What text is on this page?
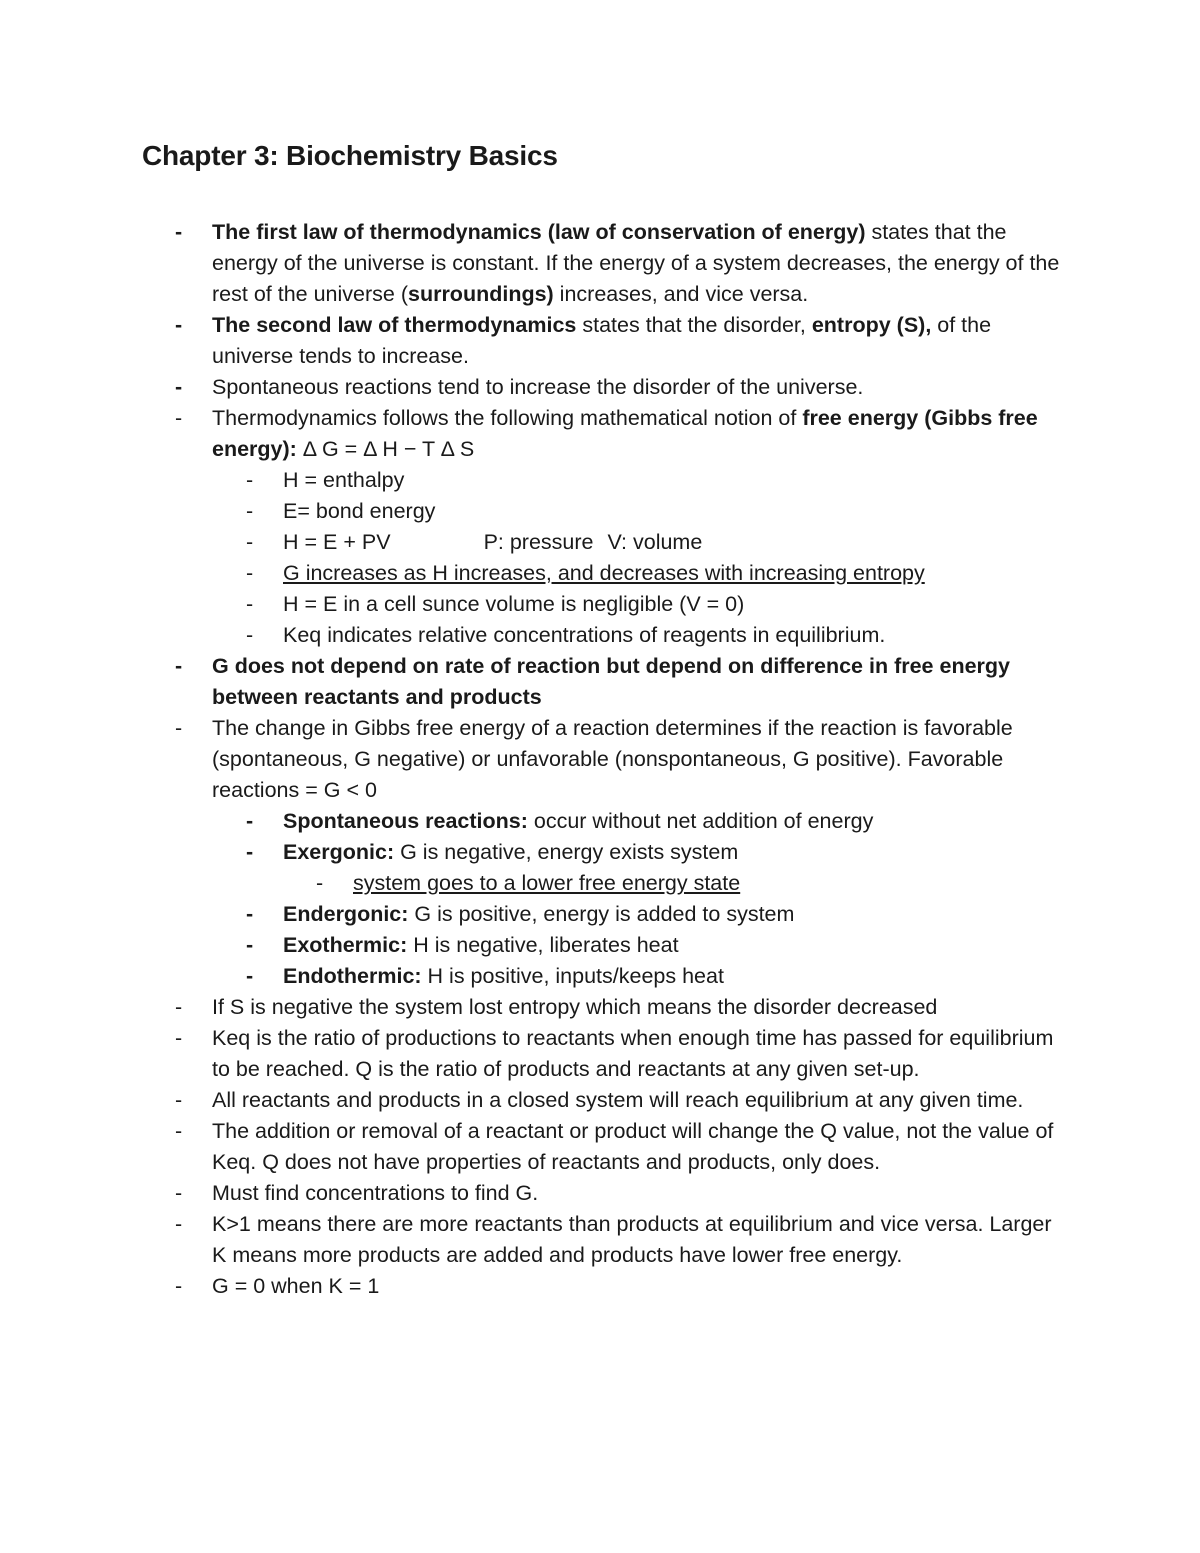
Chapter 3: Biochemistry Basics
-	The first law of thermodynamics (law of conservation of energy) states that the energy of the universe is constant. If the energy of a system decreases, the energy of the rest of the universe (surroundings) increases, and vice versa.
-	The second law of thermodynamics states that the disorder, entropy (S), of the universe tends to increase.
-	Spontaneous reactions tend to increase the disorder of the universe.
-	Thermodynamics follows the following mathematical notion of free energy (Gibbs free energy): Δ G = Δ H − T Δ S
-	H = enthalpy
-	E= bond energy
-	H = E + PV	P: pressure V: volume
-	G increases as H increases, and decreases with increasing entropy
-	H = E in a cell sunce volume is negligible (V = 0)
-	Keq indicates relative concentrations of reagents in equilibrium.
-	G does not depend on rate of reaction but depend on difference in free energy between reactants and products
-	The change in Gibbs free energy of a reaction determines if the reaction is favorable (spontaneous, G negative) or unfavorable (nonspontaneous, G positive). Favorable reactions = G < 0
-	Spontaneous reactions: occur without net addition of energy
-	Exergonic: G is negative, energy exists system
-	system goes to a lower free energy state
-	Endergonic: G is positive, energy is added to system
-	Exothermic: H is negative, liberates heat
-	Endothermic: H is positive, inputs/keeps heat
-	If S is negative the system lost entropy which means the disorder decreased
-	Keq is the ratio of productions to reactants when enough time has passed for equilibrium to be reached. Q is the ratio of products and reactants at any given set-up.
-	All reactants and products in a closed system will reach equilibrium at any given time.
-	The addition or removal of a reactant or product will change the Q value, not the value of Keq. Q does not have properties of reactants and products, only does.
-	Must find concentrations to find G.
-	K>1 means there are more reactants than products at equilibrium and vice versa. Larger K means more products are added and products have lower free energy.
-	G = 0 when K = 1
